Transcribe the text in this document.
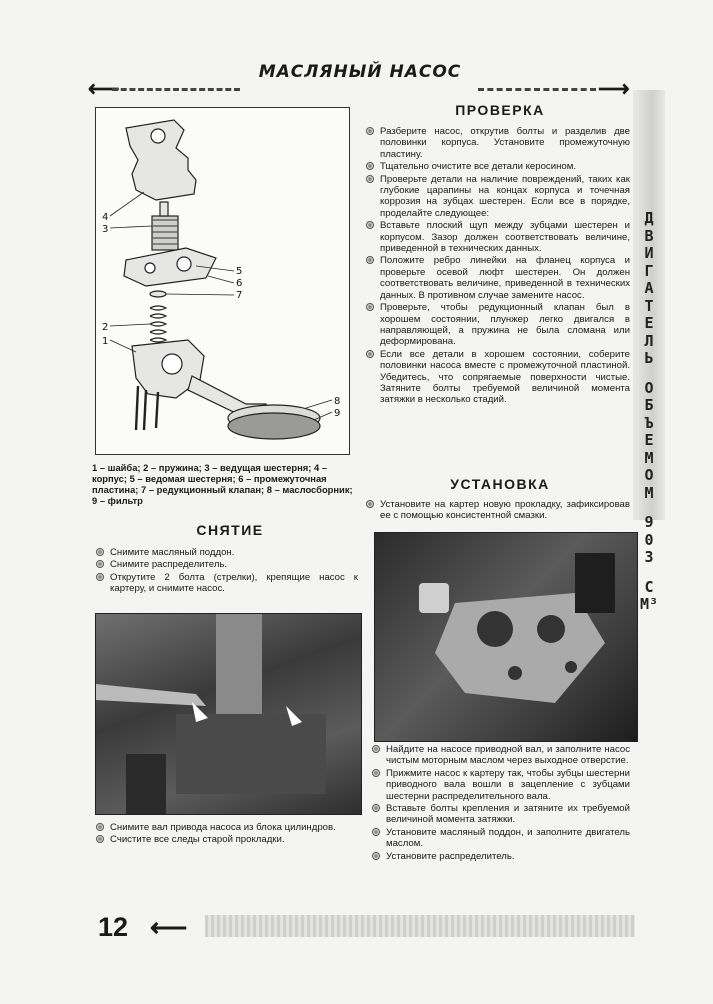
МАСЛЯНЫЙ НАСОС
⟵	⟶
Д
В
И
Г
А
Т
Е
Л
Ь
О
Б
Ъ
Е
М
О
М
9
0
3
С
М³
4
3
2
1
5
6
7
8
9
1 – шайба; 2 – пружина; 3 – ведущая шестерня; 4 – корпус; 5 – ведомая шестерня; 6 – промежуточная пластина; 7 – редукционный клапан; 8 – маслосборник; 9 – фильтр
СНЯТИЕ
Снимите масляный поддон.
Снимите распределитель.
Открутите 2 болта (стрелки), крепящие насос к картеру, и снимите насос.
Снимите вал привода насоса из блока цилиндров.
Счистите все следы старой прокладки.
ПРОВЕРКА
Разберите насос, открутив болты и разделив две половинки корпуса. Установите промежуточную пластину.
Тщательно очистите все детали керосином.
Проверьте детали на наличие повреждений, таких как глубокие царапины на концах корпуса и точечная коррозия на зубцах шестерен. Если все в порядке, проделайте следующее:
Вставьте плоский щуп между зубцами шестерен и корпусом. Зазор должен соответствовать величине, приведенной в технических данных.
Положите ребро линейки на фланец корпуса и проверьте осевой люфт шестерен. Он должен соответствовать величине, приведенной в технических данных. В противном случае замените насос.
Проверьте, чтобы редукционный клапан был в хорошем состоянии, плунжер легко двигался в направляющей, а пружина не была сломана или деформирована.
Если все детали в хорошем состоянии, соберите половинки насоса вместе с промежуточной пластиной. Убедитесь, что сопрягаемые поверхности чистые. Затяните болты требуемой величиной момента затяжки в несколько стадий.
УСТАНОВКА
Установите на картер новую прокладку, зафиксировав ее с помощью консистентной смазки.
Найдите на насосе приводной вал, и заполните насос чистым моторным маслом через выходное отверстие.
Прижмите насос к картеру так, чтобы зубцы шестерни приводного вала вошли в зацепление с зубцами шестерни распределительного вала.
Вставьте болты крепления и затяните их требуемой величиной момента затяжки.
Установите масляный поддон, и заполните двигатель маслом.
Установите распределитель.
12 ⟵
